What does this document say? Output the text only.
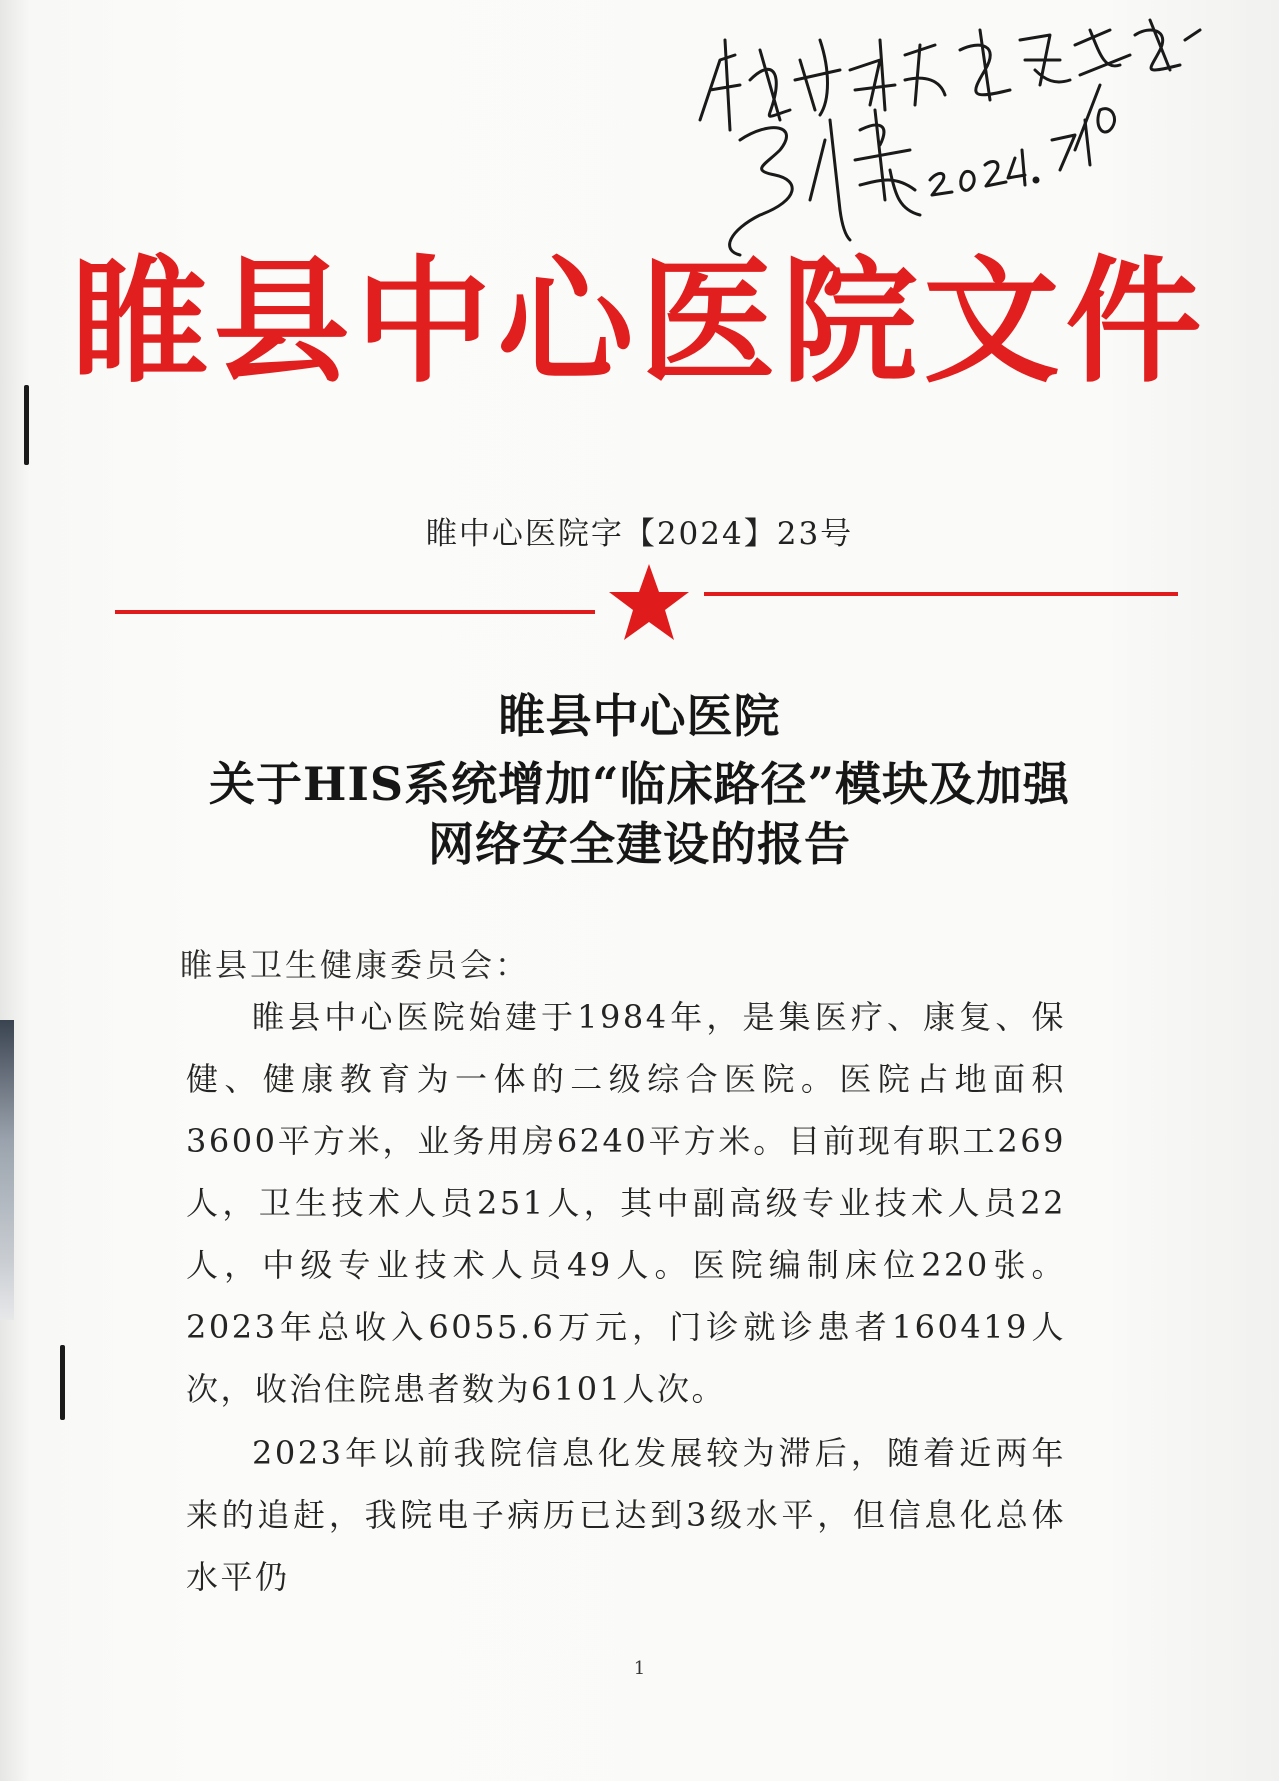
睢县中心医院文件
睢中心医院字【2024】23号
睢县中心医院
关于HIS系统增加“临床路径”模块及加强
网络安全建设的报告
睢县卫生健康委员会：
睢县中心医院始建于1984年，是集医疗、康复、保健、健康教育为一体的二级综合医院。医院占地面积3600平方米，业务用房6240平方米。目前现有职工269人，卫生技术人员251人，其中副高级专业技术人员22人，中级专业技术人员49人。医院编制床位220张。2023年总收入6055.6万元，门诊就诊患者160419人次，收治住院患者数为6101人次。
2023年以前我院信息化发展较为滞后，随着近两年来的追赶，我院电子病历已达到3级水平，但信息化总体水平仍
1
